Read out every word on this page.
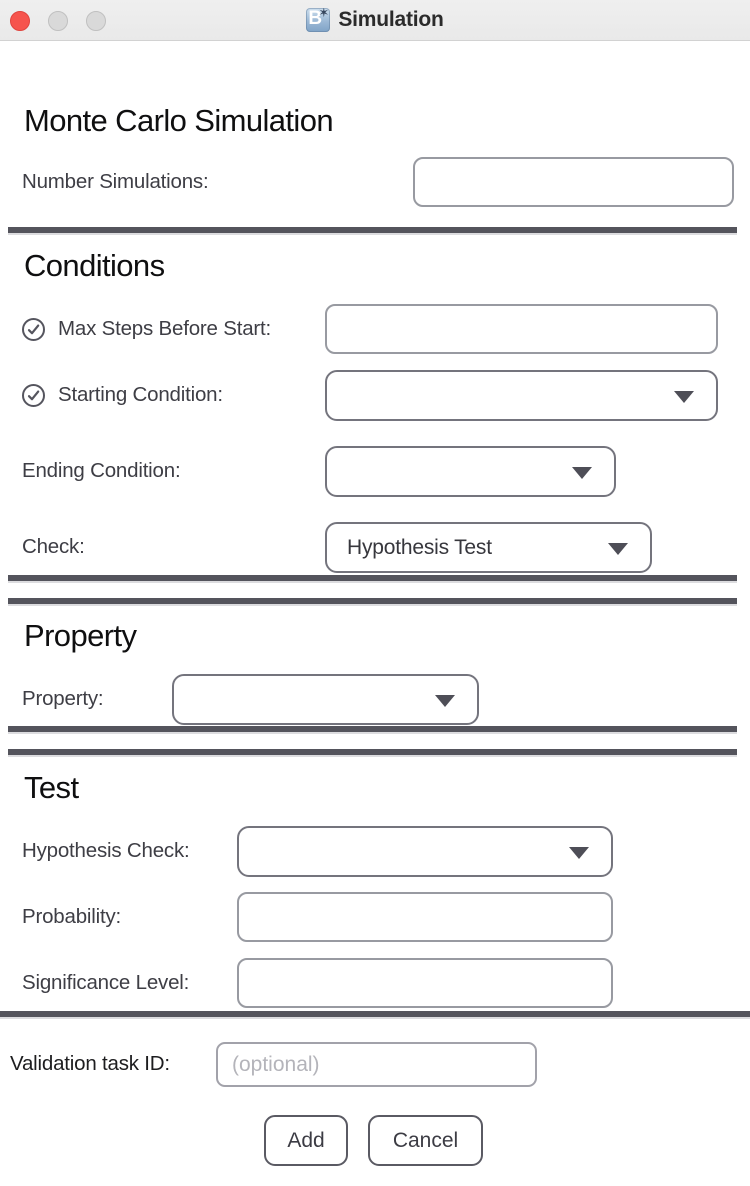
B
✶ Simulation
Monte Carlo Simulation
Number Simulations:
Conditions
Max Steps Before Start:
Starting Condition:
Ending Condition:
Check:	Hypothesis Test
Property
Property:
Test
Hypothesis Check:
Probability:
Significance Level:
Validation task ID:
(optional)
Add	Cancel
